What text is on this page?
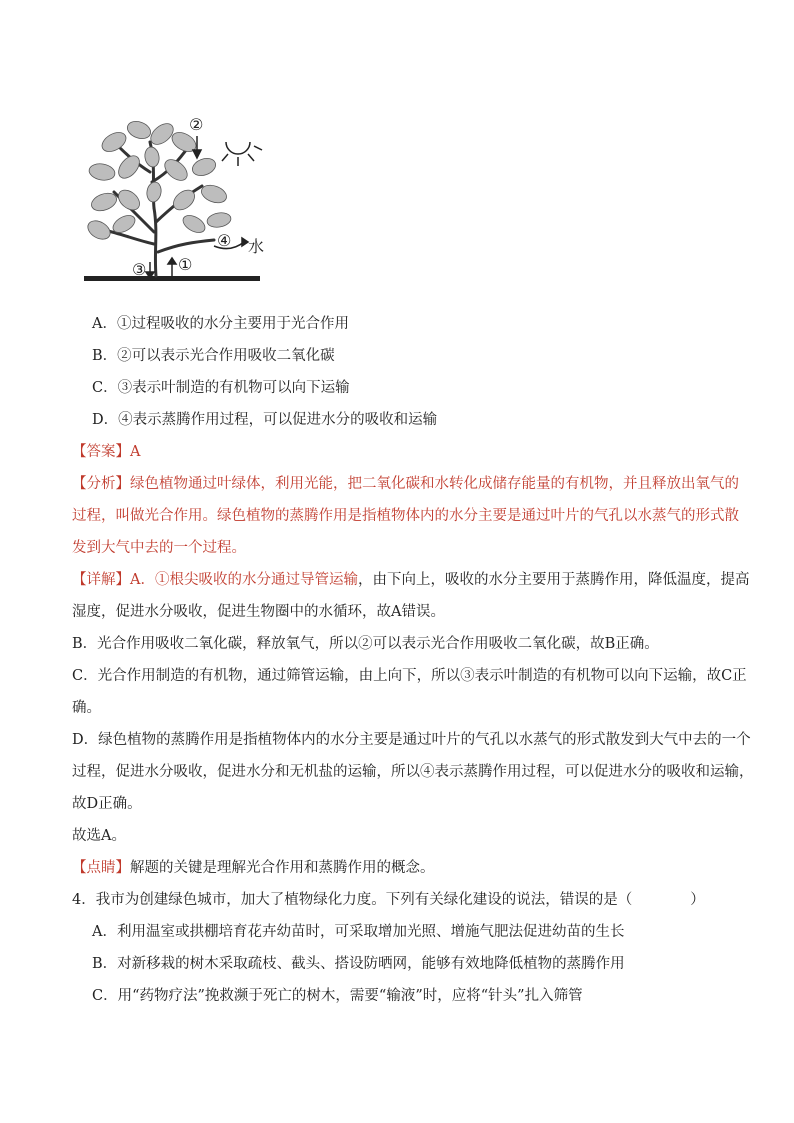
②
④ 水
③ ①
A．①过程吸收的水分主要用于光合作用
B．②可以表示光合作用吸收二氧化碳
C．③表示叶制造的有机物可以向下运输
D．④表示蒸腾作用过程，可以促进水分的吸收和运输
【答案】A
【分析】绿色植物通过叶绿体，利用光能，把二氧化碳和水转化成储存能量的有机物，并且释放出氧气的
过程，叫做光合作用。绿色植物的蒸腾作用是指植物体内的水分主要是通过叶片的气孔以水蒸气的形式散
发到大气中去的一个过程。
【详解】A．①根尖吸收的水分通过导管运输，由下向上，吸收的水分主要用于蒸腾作用，降低温度，提高
湿度，促进水分吸收，促进生物圈中的水循环，故A错误。
B．光合作用吸收二氧化碳，释放氧气，所以②可以表示光合作用吸收二氧化碳，故B正确。
C．光合作用制造的有机物，通过筛管运输，由上向下，所以③表示叶制造的有机物可以向下运输，故C正
确。
D．绿色植物的蒸腾作用是指植物体内的水分主要是通过叶片的气孔以水蒸气的形式散发到大气中去的一个
过程，促进水分吸收，促进水分和无机盐的运输，所以④表示蒸腾作用过程，可以促进水分的吸收和运输，
故D正确。
故选A。
【点睛】解题的关键是理解光合作用和蒸腾作用的概念。
4．我市为创建绿色城市，加大了植物绿化力度。下列有关绿化建设的说法，错误的是（　　　　）
A．利用温室或拱棚培育花卉幼苗时，可采取增加光照、增施气肥法促进幼苗的生长
B．对新移栽的树木采取疏枝、截头、搭设防晒网，能够有效地降低植物的蒸腾作用
C．用“药物疗法”挽救濒于死亡的树木，需要“输液”时，应将“针头”扎入筛管
